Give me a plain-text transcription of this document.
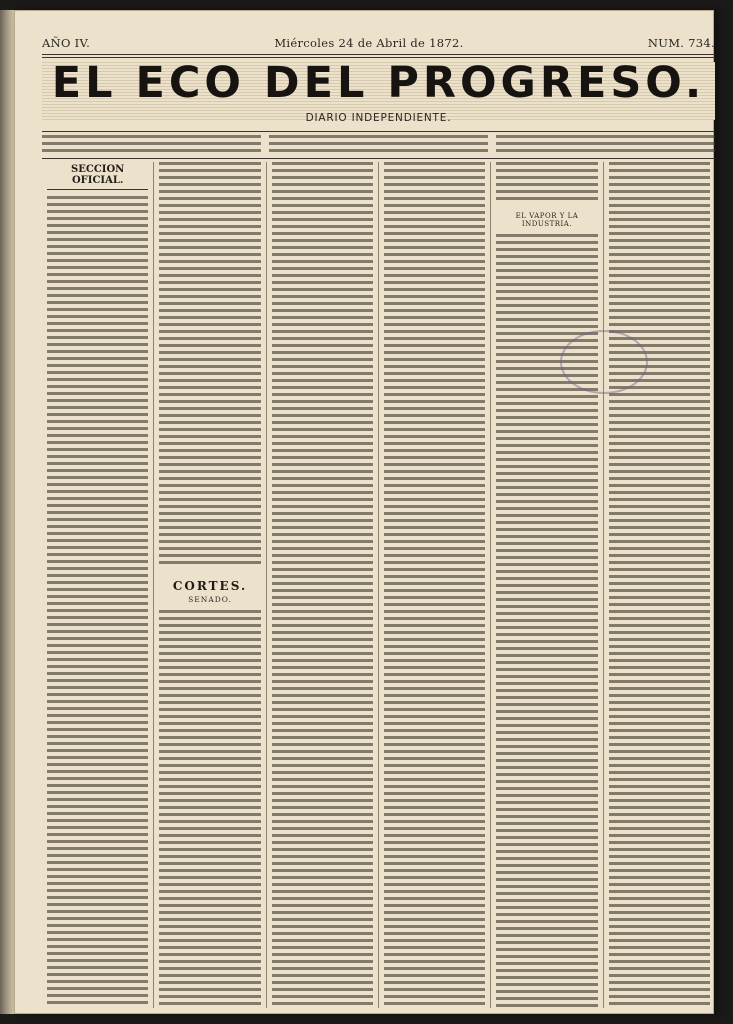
AÑO IV.	Miércoles 24 de Abril de 1872.	NUM. 734.
EL ECO DEL PROGRESO.
DIARIO INDEPENDIENTE.
SECCION OFICIAL.
CORTES.
SENADO.
EL VAPOR Y LA INDUSTRIA.
